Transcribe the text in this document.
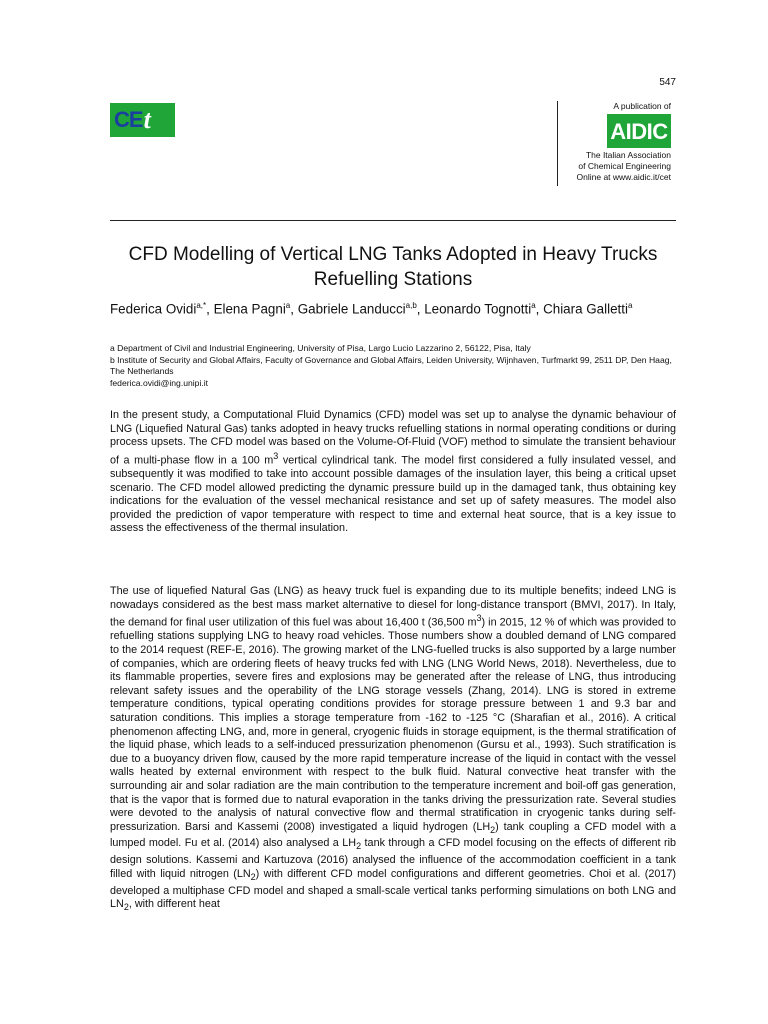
547
CE t	A publication of
AIDIC
The Italian Association
of Chemical Engineering
Online at www.aidic.it/cet
CFD Modelling of Vertical LNG Tanks Adopted in Heavy Trucks Refuelling Stations
Federica Ovidi$^{a,*}$, Elena Pagni$^a$, Gabriele Landucci$^{a,b}$, Leonardo Tognotti$^a$, Chiara Galletti$^a$
a Department of Civil and Industrial Engineering, University of Pisa, Largo Lucio Lazzarino 2, 56122, Pisa, Italy
b Institute of Security and Global Affairs, Faculty of Governance and Global Affairs, Leiden University, Wijnhaven, Turfmarkt 99, 2511 DP, Den Haag, The Netherlands
federica.ovidi@ing.unipi.it

In the present study, a Computational Fluid Dynamics (CFD) model was set up to analyse the dynamic behaviour of LNG (Liquefied Natural Gas) tanks adopted in heavy trucks refuelling stations in normal operating conditions or during process upsets. The CFD model was based on the Volume-Of-Fluid (VOF) method to simulate the transient behaviour of a multi-phase flow in a 100 $m^3$ vertical cylindrical tank. The model first considered a fully insulated vessel, and subsequently it was modified to take into account possible damages of the insulation layer, this being a critical upset scenario. The CFD model allowed predicting the dynamic pressure build up in the damaged tank, thus obtaining key indications for the evaluation of the vessel mechanical resistance and set up of safety measures. The model also provided the prediction of vapor temperature with respect to time and external heat source, that is a key issue to assess the effectiveness of the thermal insulation.

The use of liquefied Natural Gas (LNG) as heavy truck fuel is expanding due to its multiple benefits; indeed LNG is nowadays considered as the best mass market alternative to diesel for long-distance transport (BMVI, 2017). In Italy, the demand for final user utilization of this fuel was about 16,400 t (36,500 $m^3$) in 2015, 12 % of which was provided to refuelling stations supplying LNG to heavy road vehicles. Those numbers show a doubled demand of LNG compared to the 2014 request (REF-E, 2016). The growing market of the LNG-fuelled trucks is also supported by a large number of companies, which are ordering fleets of heavy trucks fed with LNG (LNG World News, 2018). Nevertheless, due to its flammable properties, severe fires and explosions may be generated after the release of LNG, thus introducing relevant safety issues and the operability of the LNG storage vessels (Zhang, 2014). LNG is stored in extreme temperature conditions, typical operating conditions provides for storage pressure between 1 and 9.3 bar and saturation conditions. This implies a storage temperature from -162 to -125 °C (Sharafian et al., 2016). A critical phenomenon affecting LNG, and, more in general, cryogenic fluids in storage equipment, is the thermal stratification of the liquid phase, which leads to a self-induced pressurization phenomenon (Gursu et al., 1993). Such stratification is due to a buoyancy driven flow, caused by the more rapid temperature increase of the liquid in contact with the vessel walls heated by external environment with respect to the bulk fluid. Natural convective heat transfer with the surrounding air and solar radiation are the main contribution to the temperature increment and boil-off gas generation, that is the vapor that is formed due to natural evaporation in the tanks driving the pressurization rate. Several studies were devoted to the analysis of natural convective flow and thermal stratification in cryogenic tanks during self-pressurization. Barsi and Kassemi (2008) investigated a liquid hydrogen $(LH_2)$ tank coupling a CFD model with a lumped model. Fu et al. (2014) also analysed a $LH_2$ tank through a CFD model focusing on the effects of different rib design solutions. Kassemi and Kartuzova (2016) analysed the influence of the accommodation coefficient in a tank filled with liquid nitrogen $(LN_2)$ with different CFD model configurations and different geometries. Choi et al. (2017) developed a multiphase CFD model and shaped a small-scale vertical tanks performing simulations on both LNG and $LN_2$, with different heat
